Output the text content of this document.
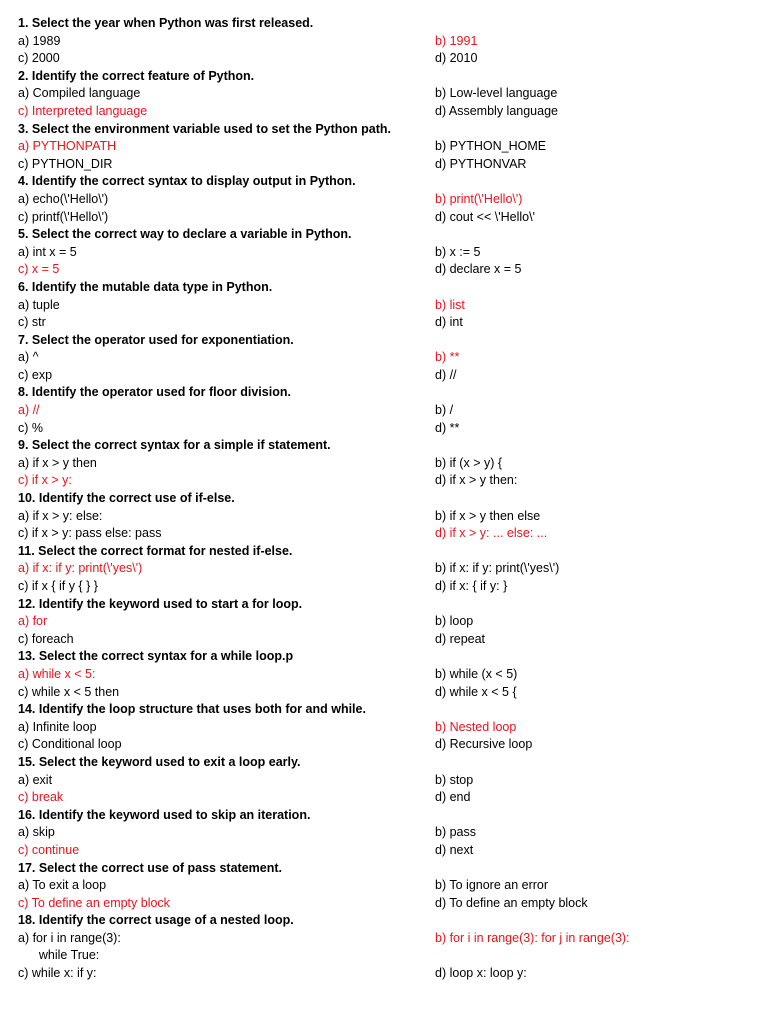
1. Select the year when Python was first released.
a) 1989	b) 1991
c) 2000	d) 2010
2. Identify the correct feature of Python.
a) Compiled language	b) Low-level language
c) Interpreted language	d) Assembly language
3. Select the environment variable used to set the Python path.
a) PYTHONPATH	b) PYTHON_HOME
c) PYTHON_DIR	d) PYTHONVAR
4. Identify the correct syntax to display output in Python.
a) echo(\'Hello\')	b) print(\'Hello\')
c) printf(\'Hello\')	d) cout << \'Hello\'
5. Select the correct way to declare a variable in Python.
a) int x = 5	b) x := 5
c) x = 5	d) declare x = 5
6. Identify the mutable data type in Python.
a) tuple	b) list
c) str	d) int
7. Select the operator used for exponentiation.
a) ^	b) **
c) exp	d) //
8. Identify the operator used for floor division.
a) //	b) /
c) %	d) **
9. Select the correct syntax for a simple if statement.
a) if x > y then	b) if (x > y) {
c) if x > y:	d) if x > y then:
10. Identify the correct use of if-else.
a) if x > y: else:	b) if x > y then else
c) if x > y: pass else: pass	d) if x > y: ... else: ...
11. Select the correct format for nested if-else.
a) if x: if y: print(\'yes\')	b) if x: if y: print(\'yes\')
c) if x { if y { } }	d) if x: { if y: }
12. Identify the keyword used to start a for loop.
a) for	b) loop
c) foreach	d) repeat
13. Select the correct syntax for a while loop.p
a) while x < 5:	b) while (x < 5)
c) while x < 5 then	d) while x < 5 {
14. Identify the loop structure that uses both for and while.
a) Infinite loop	b) Nested loop
c) Conditional loop	d) Recursive loop
15. Select the keyword used to exit a loop early.
a) exit	b) stop
c) break	d) end
16. Identify the keyword used to skip an iteration.
a) skip	b) pass
c) continue	d) next
17. Select the correct use of pass statement.
a) To exit a loop	b) To ignore an error
c) To define an empty block	d) To define an empty block
18. Identify the correct usage of a nested loop.
a) for i in range(3):	b) for i in range(3): for j in range(3):
while True:
c) while x: if y:	d) loop x: loop y:
